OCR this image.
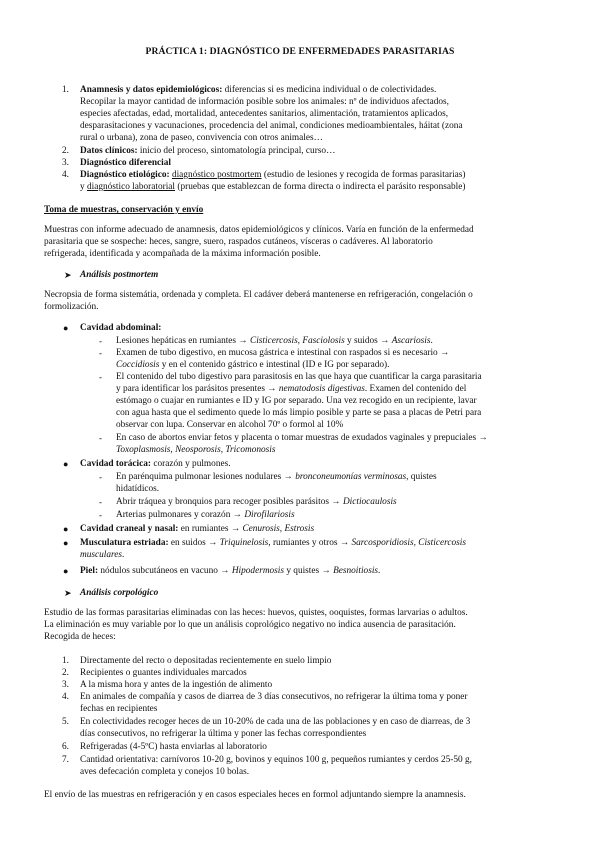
PRÁCTICA 1: DIAGNÓSTICO DE ENFERMEDADES PARASITARIAS
1. Anamnesis y datos epidemiológicos: diferencias si es medicina individual o de colectividades.
Recopilar la mayor cantidad de información posible sobre los animales: nº de individuos afectados,
especies afectadas, edad, mortalidad, antecedentes sanitarios, alimentación, tratamientos aplicados,
desparasitaciones y vacunaciones, procedencia del animal, condiciones medioambientales, háitat (zona
rural o urbana), zona de paseo, convivencia con otros animales…
2. Datos clínicos: inicio del proceso, sintomatología principal, curso…
3. Diagnóstico diferencial
4. Diagnóstico etiológico: diagnóstico postmortem (estudio de lesiones y recogida de formas parasitarias)
y diagnóstico laboratorial (pruebas que establezcan de forma directa o indirecta el parásito responsable)
Toma de muestras, conservación y envío
Muestras con informe adecuado de anamnesis, datos epidemiológicos y clínicos. Varía en función de la enfermedad
parasitaria que se sospeche: heces, sangre, suero, raspados cutáneos, vísceras o cadáveres. Al laboratorio
refrigerada, identificada y acompañada de la máxima información posible.
➤ Análisis postmortem
Necropsia de forma sistemátia, ordenada y completa. El cadáver deberá mantenerse en refrigeración, congelación o
formolización.
● Cavidad abdominal:
- Lesiones hepáticas en rumiantes → Cisticercosis, Fasciolosis y suidos → Ascariosis.
- Examen de tubo digestivo, en mucosa gástrica e intestinal con raspados si es necesario →
Coccidiosis y en el contenido gástrico e intestinal (ID e IG por separado).
- El contenido del tubo digestivo para parasitosis en las que haya que cuantificar la carga parasitaria
y para identificar los parásitos presentes → nematodosis digestivas. Examen del contenido del
estómago o cuajar en rumiantes e ID y IG por separado. Una vez recogido en un recipiente, lavar
con agua hasta que el sedimento quede lo más limpio posible y parte se pasa a placas de Petri para
observar con lupa. Conservar en alcohol 70º o formol al 10%
- En caso de abortos enviar fetos y placenta o tomar muestras de exudados vaginales y prepuciales →
Toxoplasmosis, Neosporosis, Tricomonosis
● Cavidad torácica: corazón y pulmones.
- En parénquima pulmonar lesiones nodulares → bronconeumonías verminosas, quistes
hidatídicos.
- Abrir tráquea y bronquios para recoger posibles parásitos → Dictiocaulosis
- Arterias pulmonares y corazón → Dirofilariosis
● Cavidad craneal y nasal: en rumiantes → Cenurosis, Estrosis
● Musculatura estriada: en suidos → Triquinelosis, rumiantes y otros → Sarcosporidiosis, Cisticercosis
musculares.
● Piel: nódulos subcutáneos en vacuno → Hipodermosis y quistes → Besnoitiosis.
➤ Análisis corpológico
Estudio de las formas parasitarias eliminadas con las heces: huevos, quistes, ooquistes, formas larvarias o adultos.
La eliminación es muy variable por lo que un análisis coprológico negativo no indica ausencia de parasitación.
Recogida de heces:
1. Directamente del recto o depositadas recientemente en suelo limpio
2. Recipientes o guantes individuales marcados
3. A la misma hora y antes de la ingestión de alimento
4. En animales de compañía y casos de diarrea de 3 días consecutivos, no refrigerar la última toma y poner
fechas en recipientes
5. En colectividades recoger heces de un 10-20% de cada una de las poblaciones y en caso de diarreas, de 3
días consecutivos, no refrigerar la última y poner las fechas correspondientes
6. Refrigeradas (4-5ºC) hasta enviarlas al laboratorio
7. Cantidad orientativa: carnívoros 10-20 g, bovinos y equinos 100 g, pequeños rumiantes y cerdos 25-50 g,
aves defecación completa y conejos 10 bolas.
El envío de las muestras en refrigeración y en casos especiales heces en formol adjuntando siempre la anamnesis.
